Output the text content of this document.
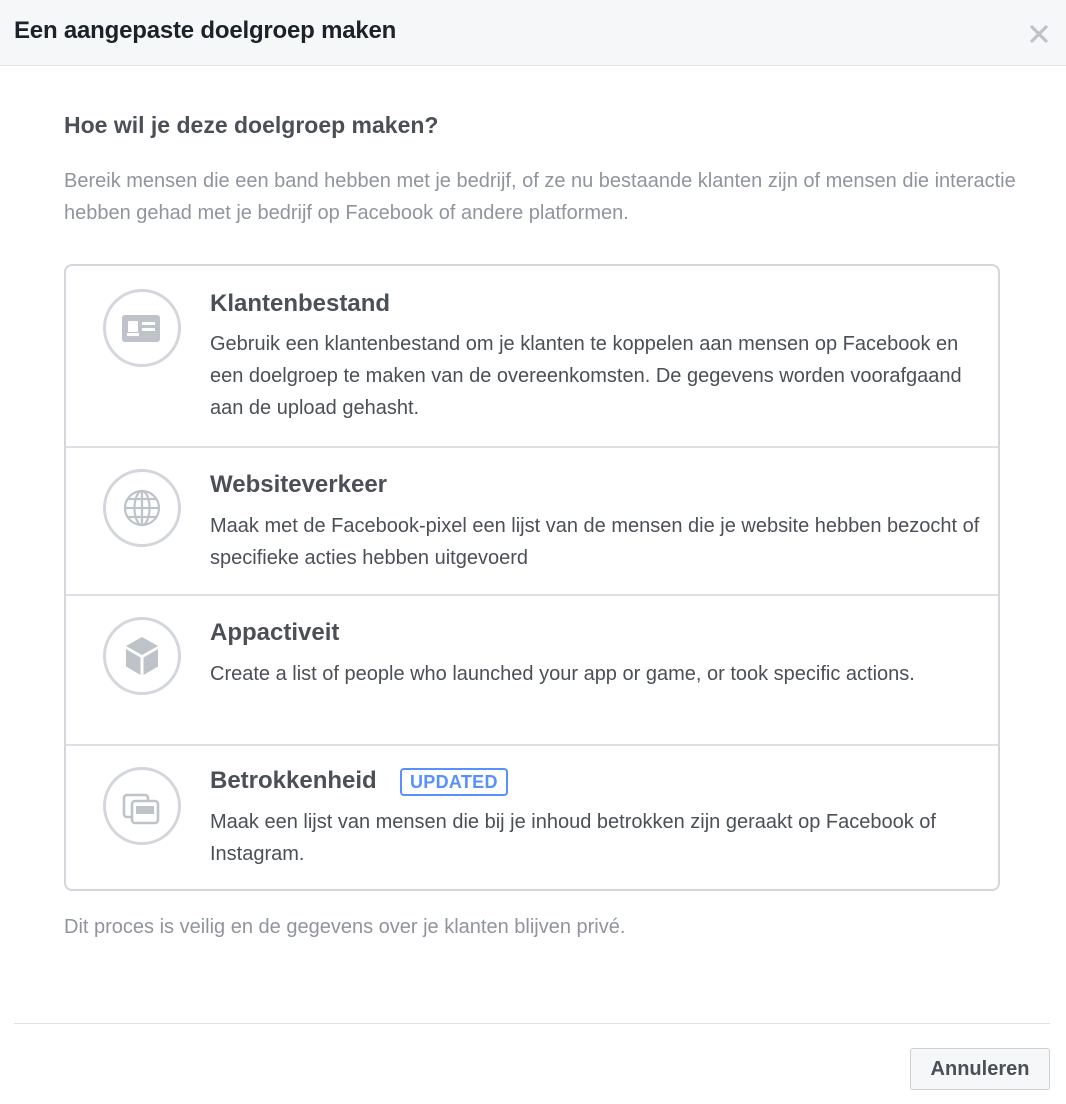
Een aangepaste doelgroep maken
Hoe wil je deze doelgroep maken?
Bereik mensen die een band hebben met je bedrijf, of ze nu bestaande klanten zijn of mensen die interactie hebben gehad met je bedrijf op Facebook of andere platformen.
Klantenbestand
Gebruik een klantenbestand om je klanten te koppelen aan mensen op Facebook en een doelgroep te maken van de overeenkomsten. De gegevens worden voorafgaand aan de upload gehasht.
Websiteverkeer
Maak met de Facebook-pixel een lijst van de mensen die je website hebben bezocht of specifieke acties hebben uitgevoerd
Appactiveit
Create a list of people who launched your app or game, or took specific actions.
Betrokkenheid	UPDATED
Maak een lijst van mensen die bij je inhoud betrokken zijn geraakt op Facebook of Instagram.
Dit proces is veilig en de gegevens over je klanten blijven privé.
Annuleren
